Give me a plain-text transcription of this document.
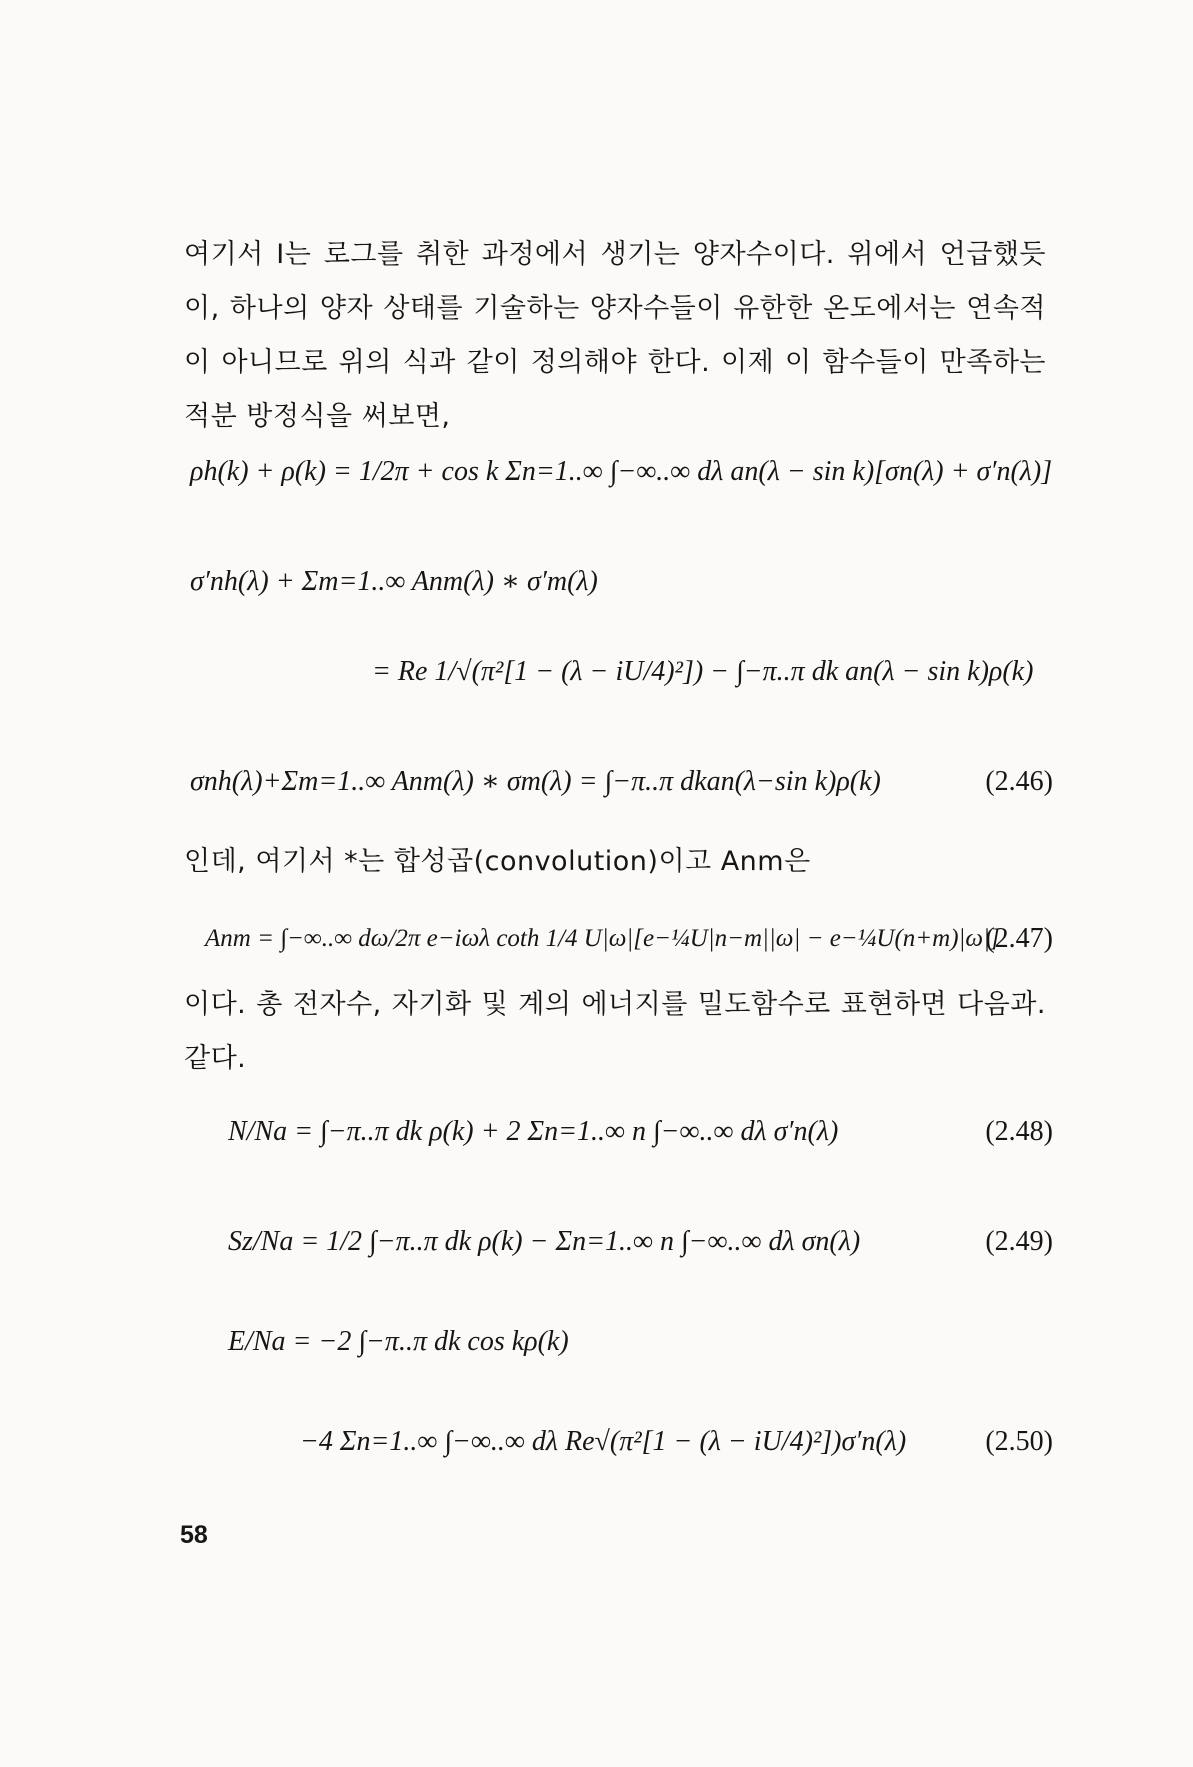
여기서 I는 로그를 취한 과정에서 생기는 양자수이다. 위에서 언급했듯이, 하나의 양자 상태를 기술하는 양자수들이 유한한 온도에서는 연속적이 아니므로 위의 식과 같이 정의해야 한다. 이제 이 함수들이 만족하는 적분 방정식을 써보면,
ρh(k) + ρ(k) = 1/2π + cos k Σn=1..∞ ∫−∞..∞ dλ an(λ − sin k)[σn(λ) + σ′n(λ)]
σ′nh(λ) + Σm=1..∞ Anm(λ) ∗ σ′m(λ)
= Re 1/√(π²[1 − (λ − iU/4)²]) − ∫−π..π dk an(λ − sin k)ρ(k)
σnh(λ)+Σm=1..∞ Anm(λ) ∗ σm(λ) = ∫−π..π dkan(λ−sin k)ρ(k)	(2.46)
인데, 여기서 *는 합성곱(convolution)이고 Anm은
Anm = ∫−∞..∞ dω/2π e−iωλ coth 1/4 U|ω|[e−¼U|n−m||ω| − e−¼U(n+m)|ω|]
(2.47)
이다. 총 전자수, 자기화 및 계의 에너지를 밀도함수로 표현하면 다음과.같다.
N/Na = ∫−π..π dk ρ(k) + 2 Σn=1..∞ n ∫−∞..∞ dλ σ′n(λ)	(2.48)
Sz/Na = 1/2 ∫−π..π dk ρ(k) − Σn=1..∞ n ∫−∞..∞ dλ σn(λ)	(2.49)
E/Na = −2 ∫−π..π dk cos kρ(k)
−4 Σn=1..∞ ∫−∞..∞ dλ Re√(π²[1 − (λ − iU/4)²])σ′n(λ)	(2.50)
58
